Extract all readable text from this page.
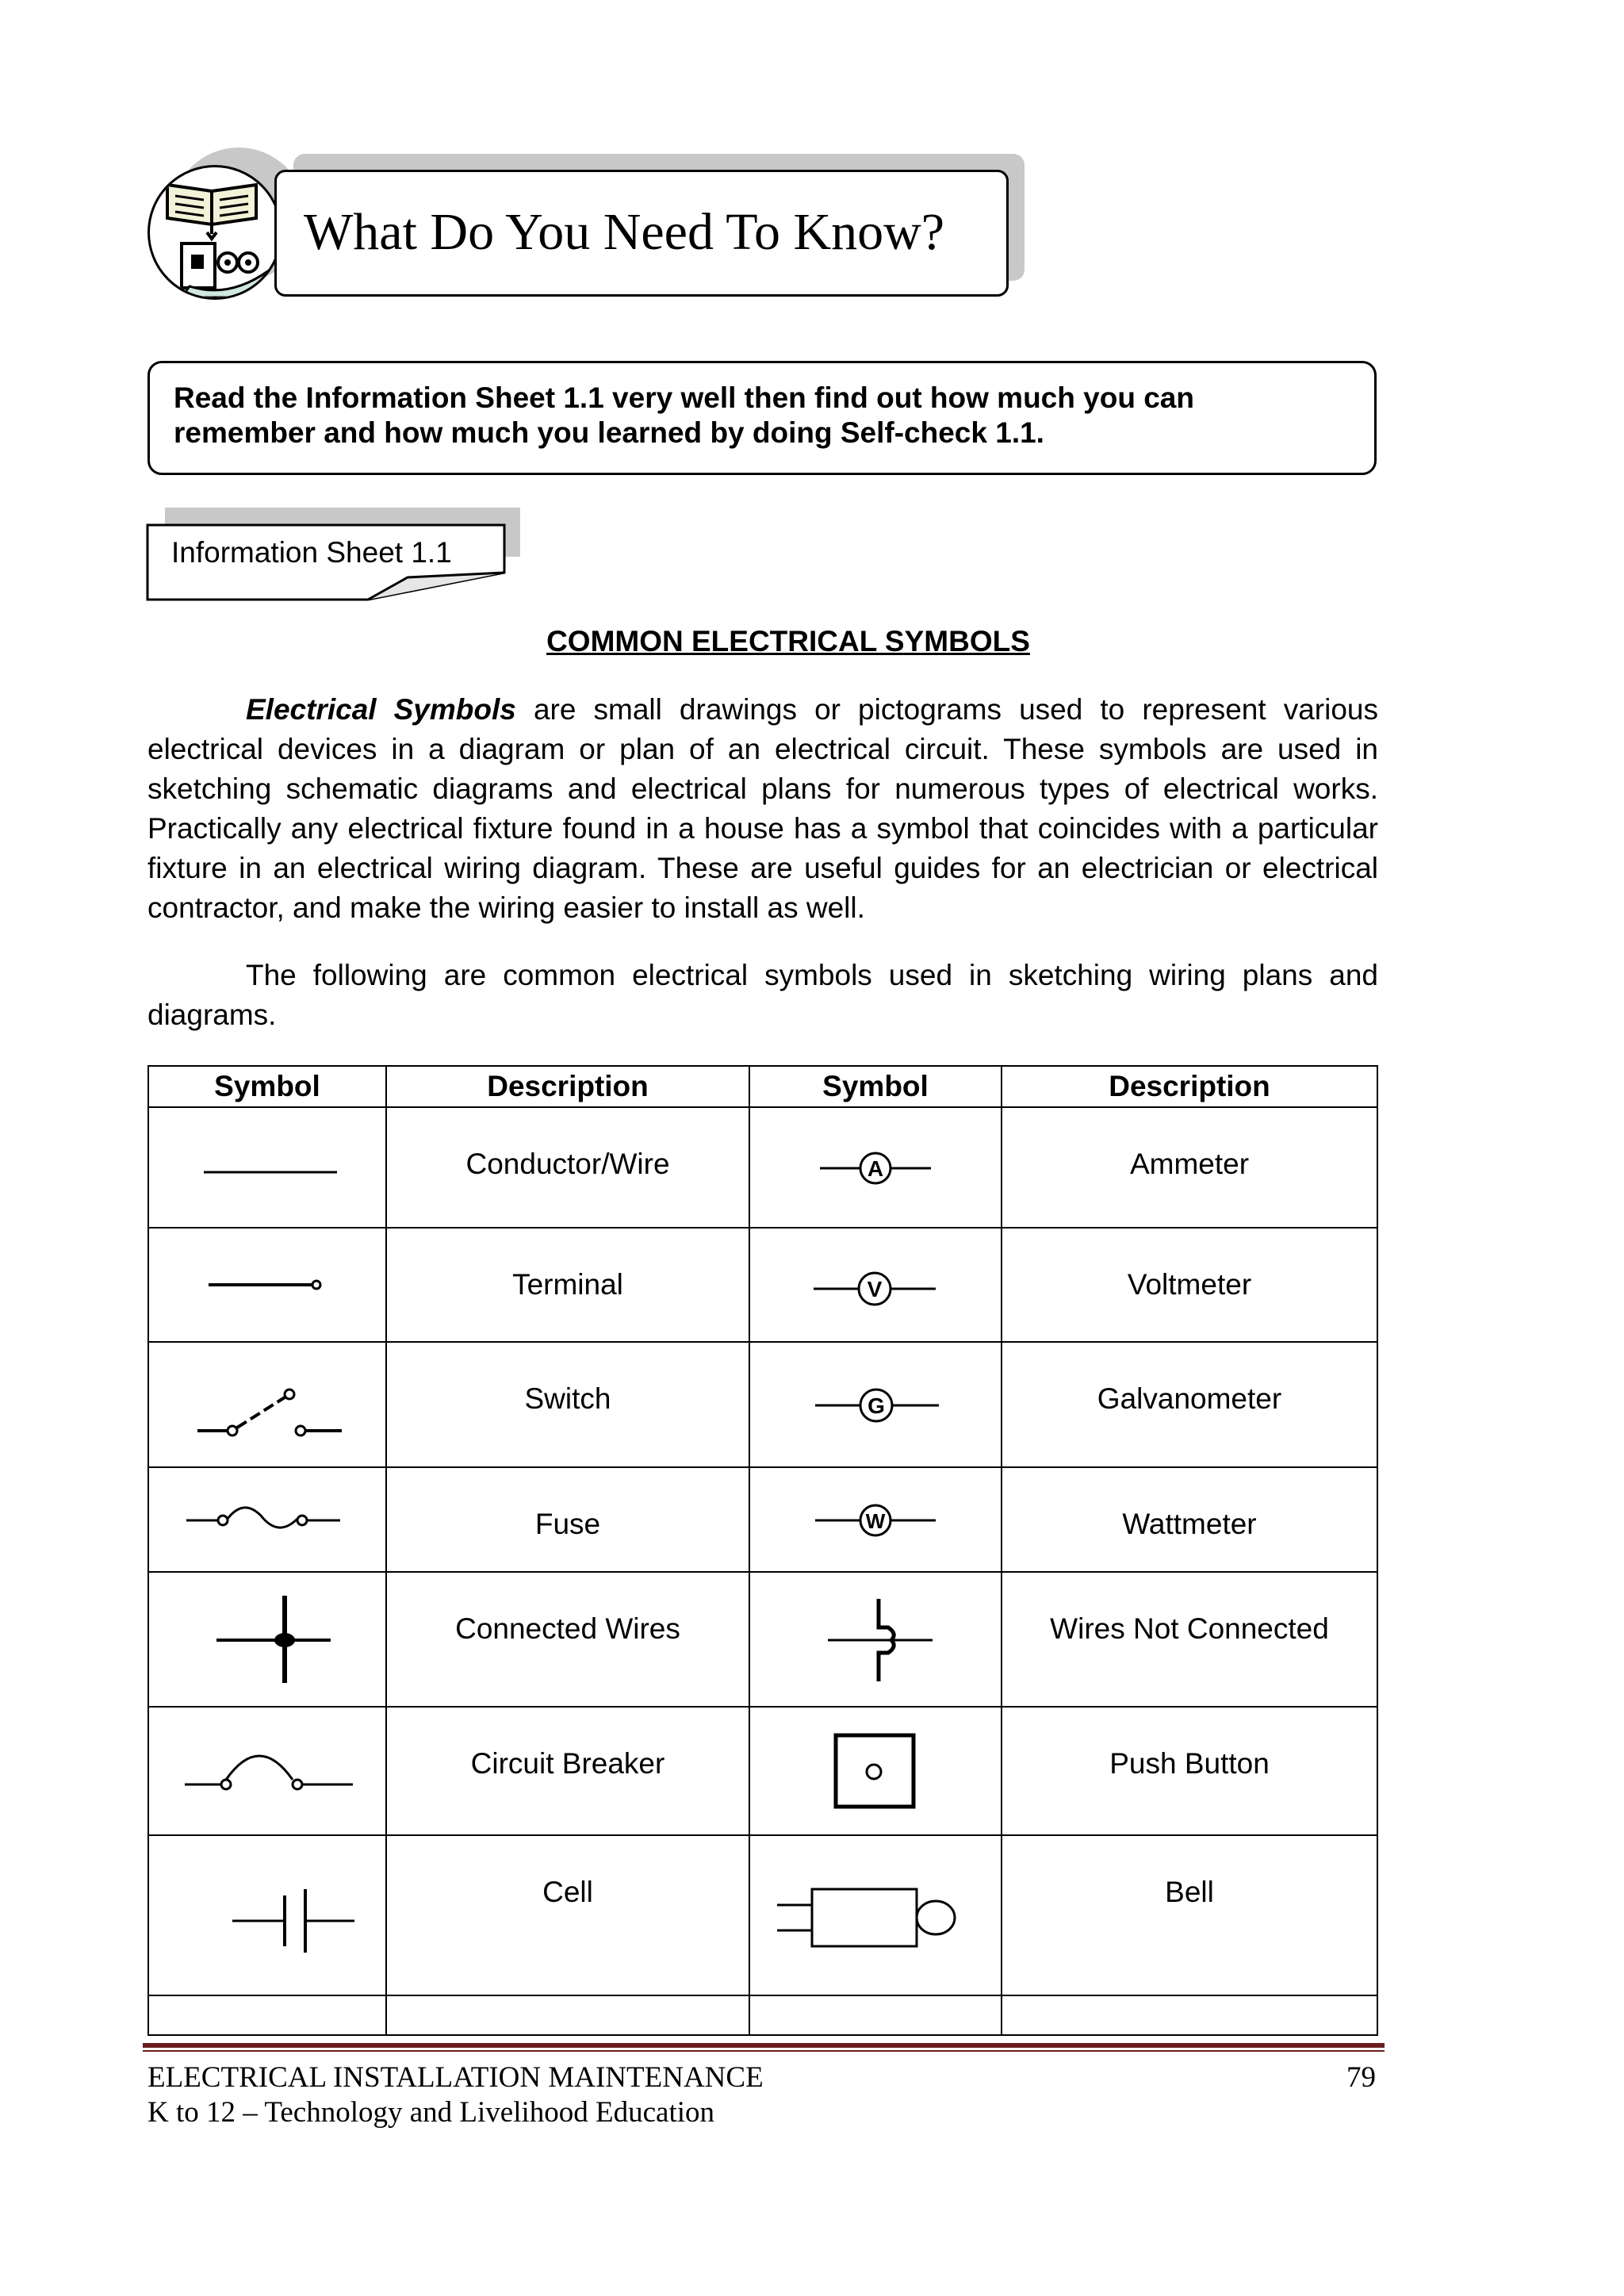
What Do You Need To Know?
Read the Information Sheet 1.1 very well then find out how much you can remember and how much you learned by doing Self-check 1.1.
Information Sheet 1.1
COMMON ELECTRICAL SYMBOLS
Electrical Symbols are small drawings or pictograms used to represent various electrical devices in a diagram or plan of an electrical circuit. These symbols are used in sketching schematic diagrams and electrical plans for numerous types of electrical works. Practically any electrical fixture found in a house has a symbol that coincides with a particular fixture in an electrical wiring diagram. These are useful guides for an electrician or electrical contractor, and make the wiring easier to install as well.
The following are common electrical symbols used in sketching wiring plans and diagrams.
Symbol	Description	Symbol	Description

	Conductor/Wire	A	Ammeter

	Terminal	V	Voltmeter

	Switch	G	Galvanometer

	Fuse	W	Wattmeter

	Connected Wires		Wires Not Connected

	Circuit Breaker		Push Button

	Cell		Bell

ELECTRICAL INSTALLATION MAINTENANCE
K to 12 – Technology and Livelihood Education
79
